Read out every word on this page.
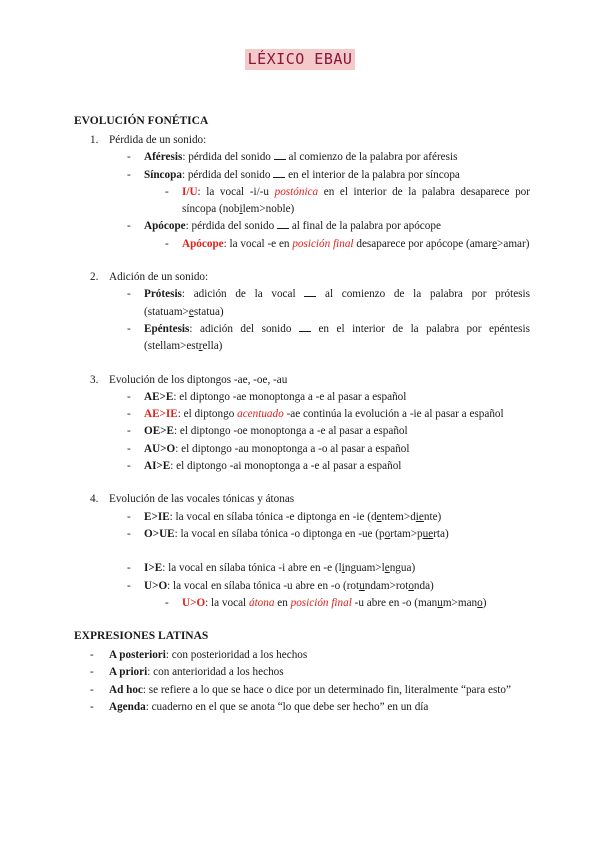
LÉXICO EBAU
EVOLUCIÓN FONÉTICA
1. Pérdida de un sonido:
- Aféresis: pérdida del sonido  al comienzo de la palabra por aféresis
- Síncopa: pérdida del sonido  en el interior de la palabra por síncopa
- I/U: la vocal -i/-u postónica en el interior de la palabra desaparece por síncopa (nobilem>noble)
- Apócope: pérdida del sonido  al final de la palabra por apócope
- Apócope: la vocal -e en posición final desaparece por apócope (amare>amar)
2. Adición de un sonido:
- Prótesis: adición de la vocal  al comienzo de la palabra por prótesis (statuam>estatua)
- Epéntesis: adición del sonido  en el interior de la palabra por epéntesis (stellam>estrella)
3. Evolución de los diptongos -ae, -oe, -au
- AE>E: el diptongo -ae monoptonga a -e al pasar a español
- AE>IE: el diptongo acentuado -ae continúa la evolución a -ie al pasar a español
- OE>E: el diptongo -oe monoptonga a -e al pasar a español
- AU>O: el diptongo -au monoptonga a -o al pasar a español
- AI>E: el diptongo -ai monoptonga a -e al pasar a español
4. Evolución de las vocales tónicas y átonas
- E>IE: la vocal en sílaba tónica -e diptonga en -ie (dentem>diente)
- O>UE: la vocal en sílaba tónica -o diptonga en -ue (portam>puerta)
- I>E: la vocal en sílaba tónica -i abre en -e (linguam>lengua)
- U>O: la vocal en sílaba tónica -u abre en -o (rotundam>rotonda)
- U>O: la vocal átona en posición final -u abre en -o (manum>mano)
EXPRESIONES LATINAS
- A posteriori: con posterioridad a los hechos
- A priori: con anterioridad a los hechos
- Ad hoc: se refiere a lo que se hace o dice por un determinado fin, literalmente “para esto”
- Agenda: cuaderno en el que se anota “lo que debe ser hecho” en un día
